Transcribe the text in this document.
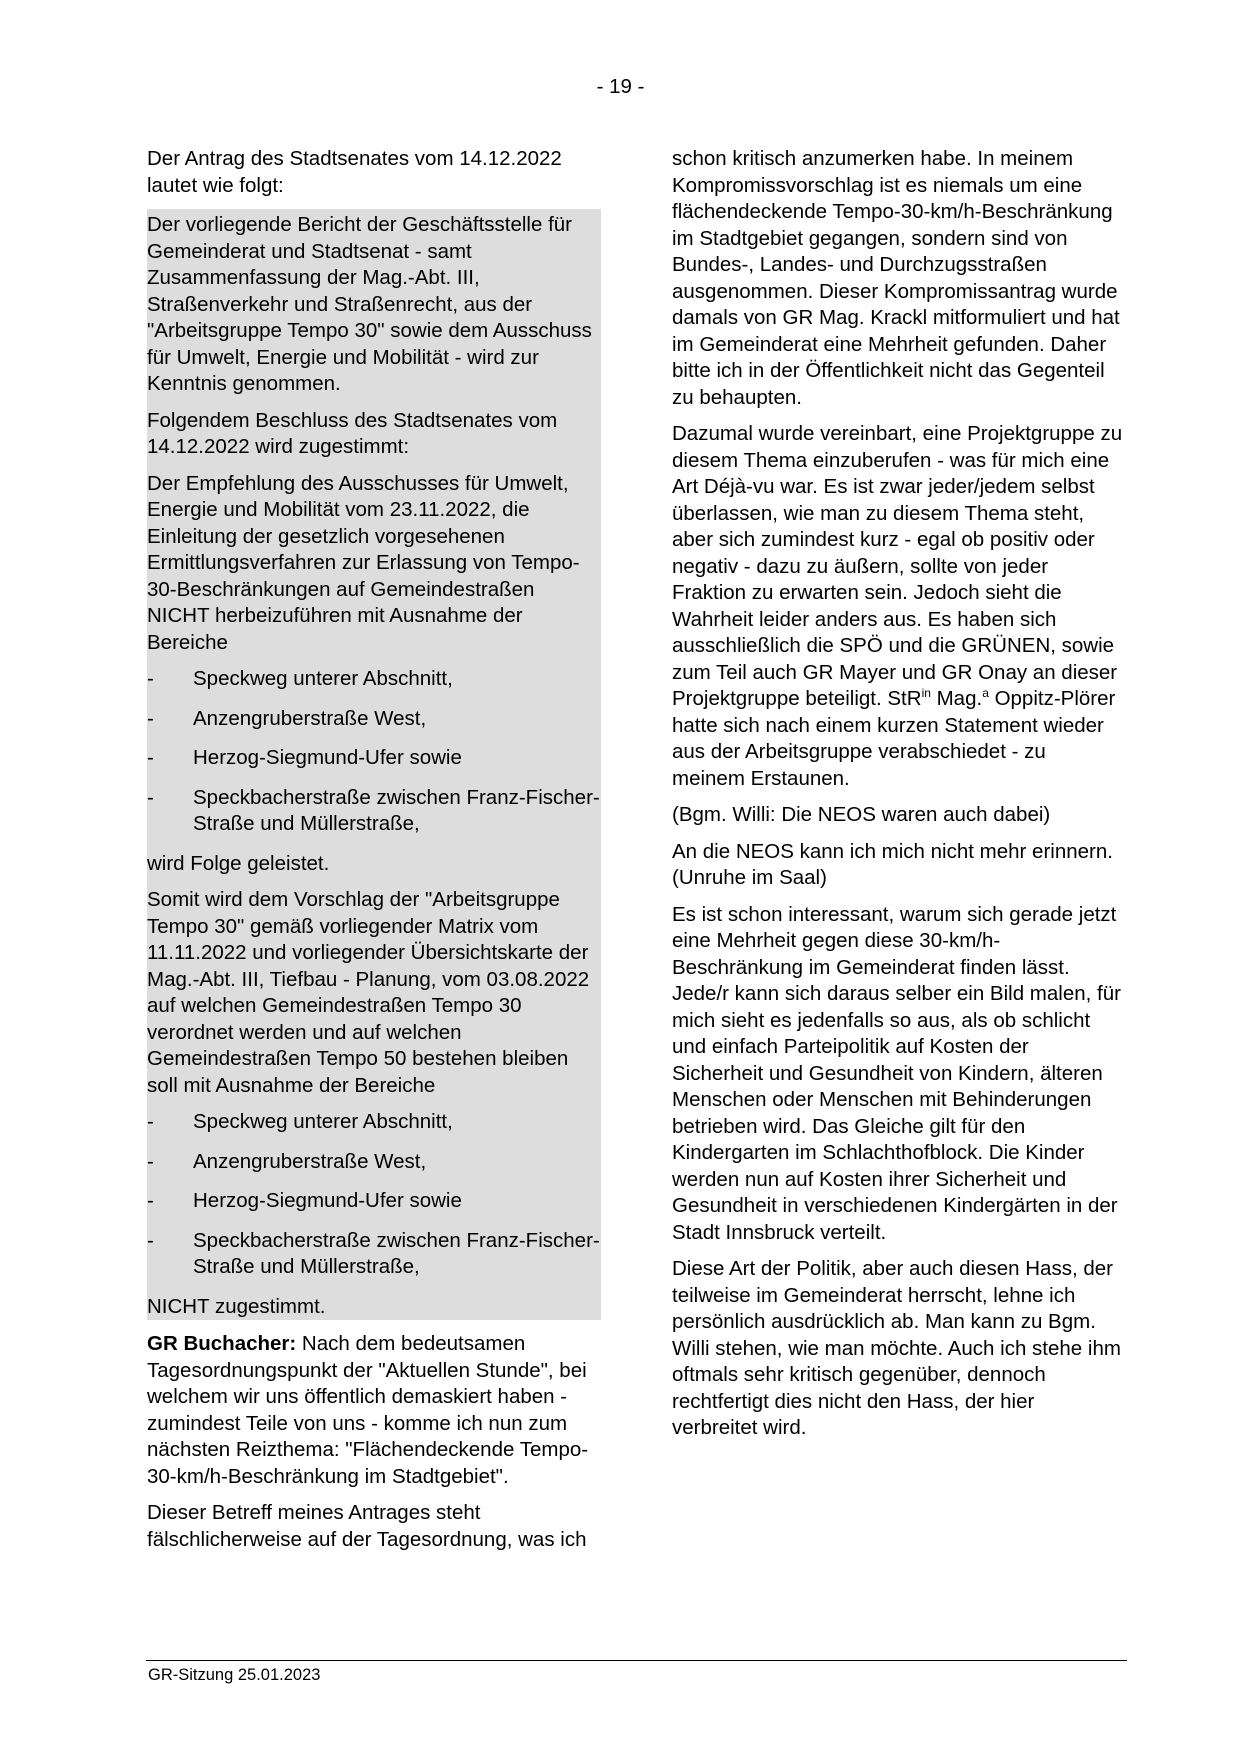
- 19 -

Der Antrag des Stadtsenates vom 14.12.2022 lautet wie folgt:

Der vorliegende Bericht der Geschäftsstelle für Gemeinderat und Stadtsenat - samt Zusammenfassung der Mag.-Abt. III, Straßenverkehr und Straßenrecht, aus der "Arbeitsgruppe Tempo 30" sowie dem Ausschuss für Umwelt, Energie und Mobilität - wird zur Kenntnis genommen.

Folgendem Beschluss des Stadtsenates vom 14.12.2022 wird zugestimmt:

Der Empfehlung des Ausschusses für Umwelt, Energie und Mobilität vom 23.11.2022, die Einleitung der gesetzlich vorgesehenen Ermittlungsverfahren zur Erlassung von Tempo-30-Beschränkungen auf Gemeindestraßen NICHT herbeizuführen mit Ausnahme der Bereiche

- Speckweg unterer Abschnitt,
- Anzengruberstraße West,
- Herzog-Siegmund-Ufer sowie
- Speckbacherstraße zwischen Franz-Fischer-Straße und Müllerstraße,

wird Folge geleistet.

Somit wird dem Vorschlag der "Arbeitsgruppe Tempo 30" gemäß vorliegender Matrix vom 11.11.2022 und vorliegender Übersichtskarte der Mag.-Abt. III, Tiefbau - Planung, vom 03.08.2022 auf welchen Gemeindestraßen Tempo 30 verordnet werden und auf welchen Gemeindestraßen Tempo 50 bestehen bleiben soll mit Ausnahme der Bereiche

- Speckweg unterer Abschnitt,
- Anzengruberstraße West,
- Herzog-Siegmund-Ufer sowie
- Speckbacherstraße zwischen Franz-Fischer-Straße und Müllerstraße,

NICHT zugestimmt.

GR Buchacher: Nach dem bedeutsamen Tagesordnungspunkt der "Aktuellen Stunde", bei welchem wir uns öffentlich demaskiert haben - zumindest Teile von uns - komme ich nun zum nächsten Reizthema: "Flächendeckende Tempo-30-km/h-Beschränkung im Stadtgebiet".

Dieser Betreff meines Antrages steht fälschlicherweise auf der Tagesordnung, was ich

schon kritisch anzumerken habe. In meinem Kompromissvorschlag ist es niemals um eine flächendeckende Tempo-30-km/h-Beschränkung im Stadtgebiet gegangen, sondern sind von Bundes-, Landes- und Durchzugsstraßen ausgenommen. Dieser Kompromissantrag wurde damals von GR Mag. Krackl mitformuliert und hat im Gemeinderat eine Mehrheit gefunden. Daher bitte ich in der Öffentlichkeit nicht das Gegenteil zu behaupten.

Dazumal wurde vereinbart, eine Projektgruppe zu diesem Thema einzuberufen - was für mich eine Art Déjà-vu war. Es ist zwar jeder/jedem selbst überlassen, wie man zu diesem Thema steht, aber sich zumindest kurz - egal ob positiv oder negativ - dazu zu äußern, sollte von jeder Fraktion zu erwarten sein. Jedoch sieht die Wahrheit leider anders aus. Es haben sich ausschließlich die SPÖ und die GRÜNEN, sowie zum Teil auch GR Mayer und GR Onay an dieser Projektgruppe beteiligt. StR$^{in}$ Mag.$^a$ Oppitz-Plörer hatte sich nach einem kurzen Statement wieder aus der Arbeitsgruppe verabschiedet - zu meinem Erstaunen.

(Bgm. Willi: Die NEOS waren auch dabei)

An die NEOS kann ich mich nicht mehr erinnern. (Unruhe im Saal)

Es ist schon interessant, warum sich gerade jetzt eine Mehrheit gegen diese 30-km/h-Beschränkung im Gemeinderat finden lässt. Jede/r kann sich daraus selber ein Bild malen, für mich sieht es jedenfalls so aus, als ob schlicht und einfach Parteipolitik auf Kosten der Sicherheit und Gesundheit von Kindern, älteren Menschen oder Menschen mit Behinderungen betrieben wird. Das Gleiche gilt für den Kindergarten im Schlachthofblock. Die Kinder werden nun auf Kosten ihrer Sicherheit und Gesundheit in verschiedenen Kindergärten in der Stadt Innsbruck verteilt.

Diese Art der Politik, aber auch diesen Hass, der teilweise im Gemeinderat herrscht, lehne ich persönlich ausdrücklich ab. Man kann zu Bgm. Willi stehen, wie man möchte. Auch ich stehe ihm oftmals sehr kritisch gegenüber, dennoch rechtfertigt dies nicht den Hass, der hier verbreitet wird.

GR-Sitzung 25.01.2023
